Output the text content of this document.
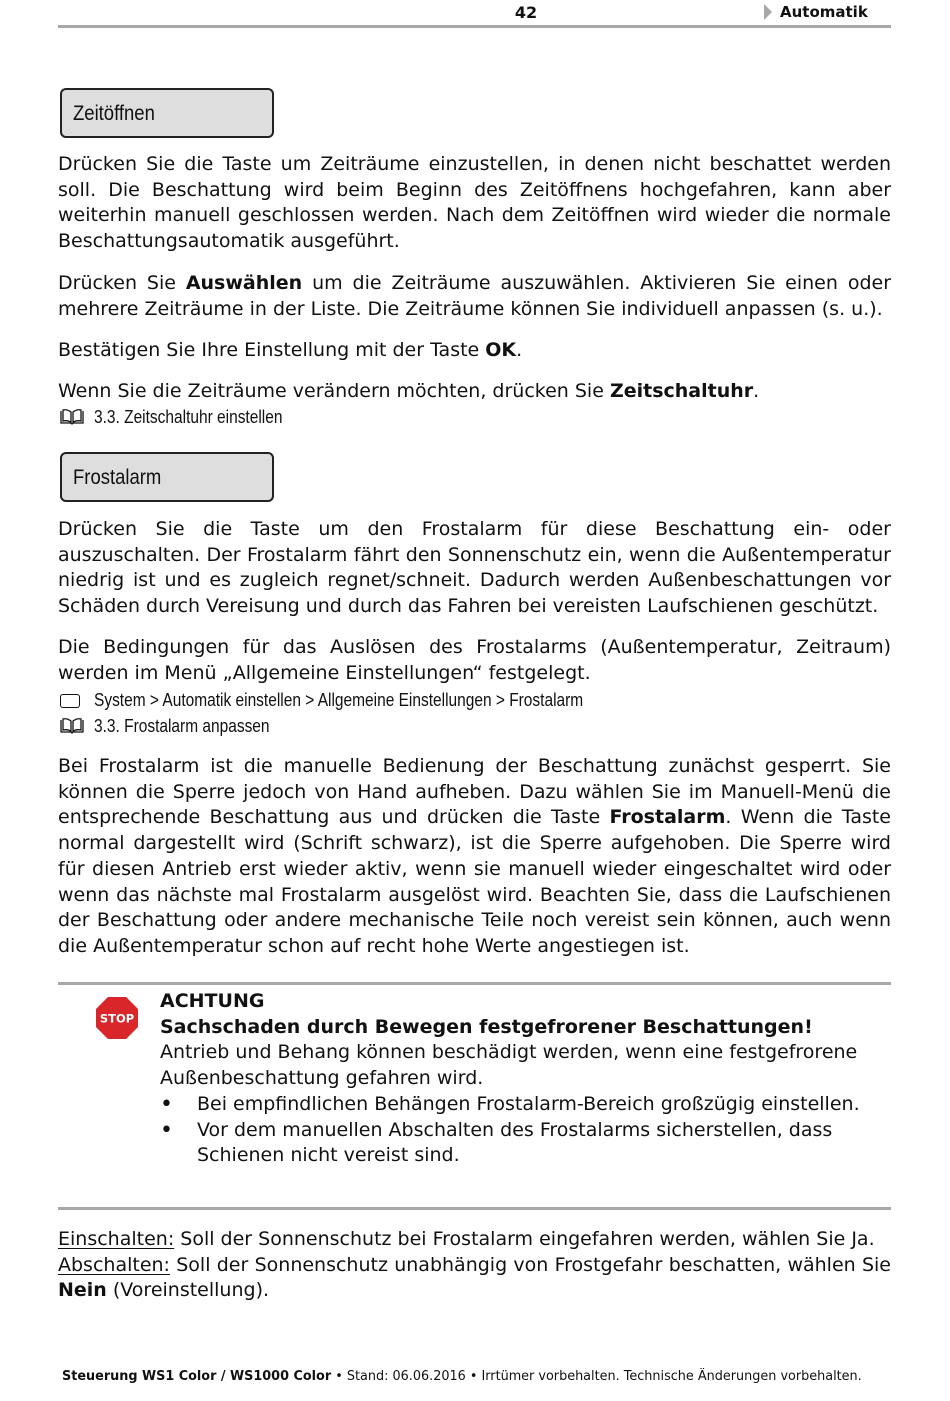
42	Automatik
Zeitöffnen

Drücken Sie die Taste um Zeiträume einzustellen, in denen nicht beschattet werden soll. Die Beschattung wird beim Beginn des Zeitöffnens hochgefahren, kann aber weiterhin manuell geschlossen werden. Nach dem Zeitöffnen wird wieder die normale Beschattungsautomatik ausgeführt.

Drücken Sie Auswählen um die Zeiträume auszuwählen. Aktivieren Sie einen oder mehrere Zeiträume in der Liste. Die Zeiträume können Sie individuell anpassen (s. u.).

Bestätigen Sie Ihre Einstellung mit der Taste OK.

Wenn Sie die Zeiträume verändern möchten, drücken Sie Zeitschaltuhr.

3.3. Zeitschaltuhr einstellen
Frostalarm

Drücken Sie die Taste um den Frostalarm für diese Beschattung ein- oder auszuschalten. Der Frostalarm fährt den Sonnenschutz ein, wenn die Außentemperatur niedrig ist und es zugleich regnet/schneit. Dadurch werden Außenbeschattungen vor Schäden durch Vereisung und durch das Fahren bei vereisten Laufschienen geschützt.

Die Bedingungen für das Auslösen des Frostalarms (Außentemperatur, Zeitraum) werden im Menü „Allgemeine Einstellungen“ festgelegt.

System > Automatik einstellen > Allgemeine Einstellungen > Frostalarm
3.3. Frostalarm anpassen

Bei Frostalarm ist die manuelle Bedienung der Beschattung zunächst gesperrt. Sie können die Sperre jedoch von Hand aufheben. Dazu wählen Sie im Manuell-Menü die entsprechende Beschattung aus und drücken die Taste Frostalarm. Wenn die Taste normal dargestellt wird (Schrift schwarz), ist die Sperre aufgehoben. Die Sperre wird für diesen Antrieb erst wieder aktiv, wenn sie manuell wieder eingeschaltet wird oder wenn das nächste mal Frostalarm ausgelöst wird. Beachten Sie, dass die Laufschienen der Beschattung oder andere mechanische Teile noch vereist sein können, auch wenn die Außentemperatur schon auf recht hohe Werte angestiegen ist.

STOP
ACHTUNG
Sachschaden durch Bewegen festgefrorener Beschattungen!
Antrieb und Behang können beschädigt werden, wenn eine festgefrorene Außenbeschattung gefahren wird.
• Bei empfindlichen Behängen Frostalarm-Bereich großzügig einstellen.
• Vor dem manuellen Abschalten des Frostalarms sicherstellen, dass Schienen nicht vereist sind.

Einschalten: Soll der Sonnenschutz bei Frostalarm eingefahren werden, wählen Sie Ja.
Abschalten: Soll der Sonnenschutz unabhängig von Frostgefahr beschatten, wählen Sie Nein (Voreinstellung).

Steuerung WS1 Color / WS1000 Color • Stand: 06.06.2016 • Irrtümer vorbehalten. Technische Änderungen vorbehalten.
